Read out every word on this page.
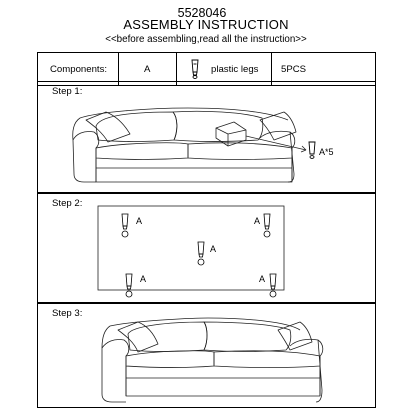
5528046
ASSEMBLY INSTRUCTION
<<before assembling,read all the instruction>>
Components:	A	plastic legs 5PCS
Step 1:
A*5
Step 2:
A	A
A
A	A
Step 3:
